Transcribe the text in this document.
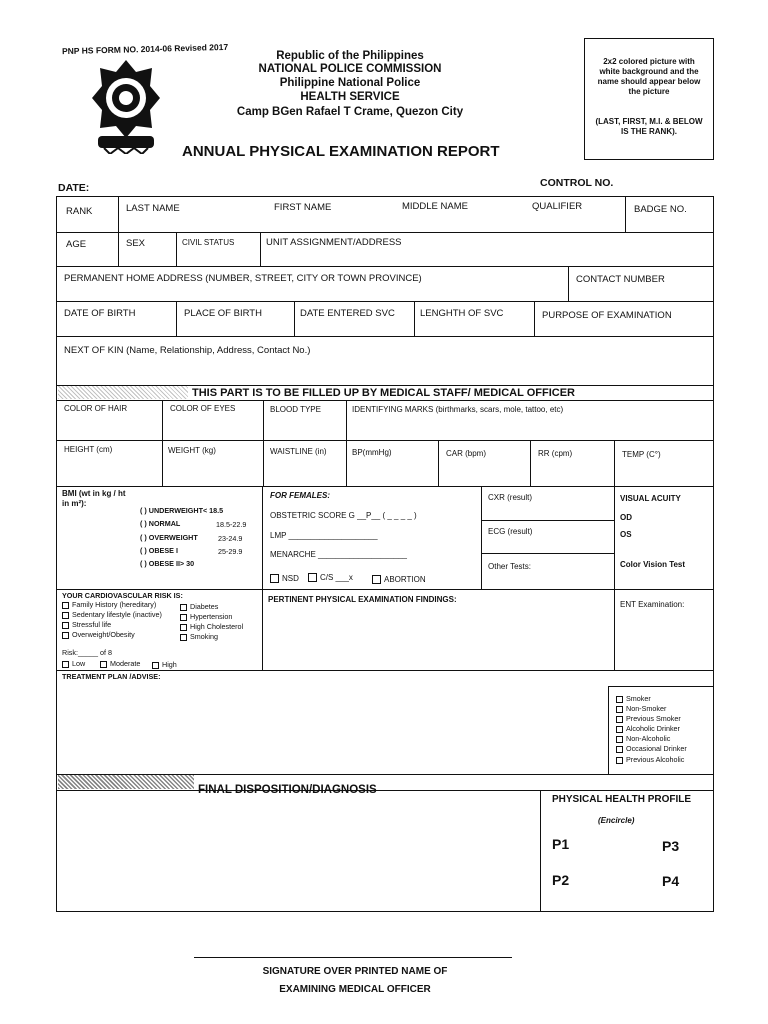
PNP HS FORM NO. 2014-06 Revised 2017	Republic of the Philippines
NATIONAL POLICE COMMISSION
Philippine National Police
HEALTH SERVICE
Camp BGen Rafael T Crame, Quezon City
ANNUAL PHYSICAL EXAMINATION REPORT
2x2 colored picture with white background and the name should appear below the picture
(LAST, FIRST, M.I. & BELOW IS THE RANK).
DATE:	CONTROL NO.
RANK	LAST NAME	FIRST NAME	MIDDLE NAME	QUALIFIER	BADGE NO.
AGE	SEX	CIVIL STATUS	UNIT ASSIGNMENT/ADDRESS
PERMANENT HOME ADDRESS (NUMBER, STREET, CITY OR TOWN PROVINCE)	CONTACT NUMBER
DATE OF BIRTH	PLACE OF BIRTH	DATE ENTERED SVC	LENGHTH OF SVC	PURPOSE OF EXAMINATION
NEXT OF KIN (Name, Relationship, Address, Contact No.)
THIS PART IS TO BE FILLED UP BY MEDICAL STAFF/ MEDICAL OFFICER
COLOR OF HAIR	COLOR OF EYES	BLOOD TYPE	IDENTIFYING MARKS (birthmarks, scars, mole, tattoo, etc)
HEIGHT (cm)	WEIGHT (kg)	WAISTLINE (in)	BP(mmHg)	CAR (bpm)	RR (cpm)	TEMP (C°)
BMI (wt in kg / ht in m²):
( ) UNDERWEIGHT< 18.5
( ) NORMAL	18.5-22.9
( ) OVERWEIGHT	23-24.9
( ) OBESE I	25-29.9
( ) OBESE II> 30
FOR FEMALES:
OBSTETRIC SCORE G __P__ ( _ _ _ _ )
LMP ____________________
MENARCHE ____________________
NSD	C/S ___x	ABORTION
CXR (result)
ECG (result)
Other Tests:
VISUAL ACUITY
OD
OS
Color Vision Test
YOUR CARDIOVASCULAR RISK IS:
Family History (hereditary)
Sedentary lifestyle (inactive)
Stressful life
Overweight/Obesity
Diabetes
Hypertension
High Cholesterol
Smoking
Risk:_____ of 8
Low	Moderate	High
PERTINENT PHYSICAL EXAMINATION FINDINGS:
ENT Examination:
TREATMENT PLAN /ADVISE:
Smoker
Non-Smoker
Previous Smoker
Alcoholic Drinker
Non-Alcoholic
Occasional Drinker
Previous Alcoholic
FINAL DISPOSITION/DIAGNOSIS
PHYSICAL HEALTH PROFILE
(Encircle)
P1	P3
P2	P4
SIGNATURE OVER PRINTED NAME OF
EXAMINING MEDICAL OFFICER
